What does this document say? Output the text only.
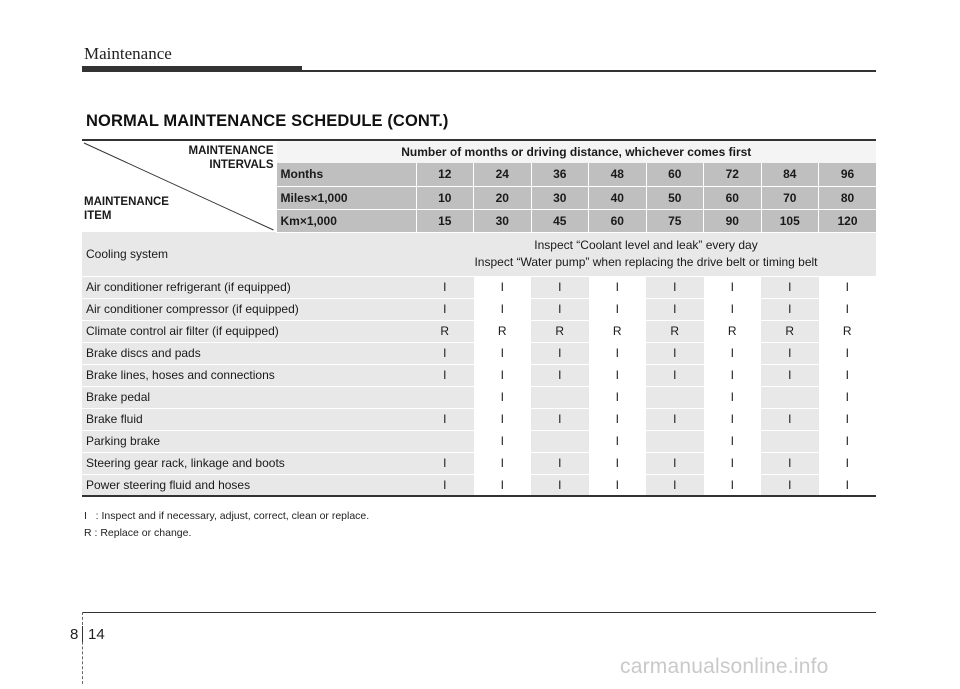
Maintenance
NORMAL MAINTENANCE SCHEDULE (CONT.)
MAINTENANCE
INTERVALS
MAINTENANCE
ITEM	Number of months or driving distance, whichever comes first								
	Months	12	24	36	48	60	72	84	96
	Miles×1,000	10	20	30	40	50	60	70	80
	Km×1,000	15	30	45	60	75	90	105	120
Cooling system		Inspect “Coolant level and leak” every day
Inspect “Water pump” when replacing the drive belt or timing belt							
Air conditioner refrigerant (if equipped)		I	I	I	I	I	I	I	I
Air conditioner compressor (if equipped)		I	I	I	I	I	I	I	I
Climate control air filter (if equipped)		R	R	R	R	R	R	R	R
Brake discs and pads		I	I	I	I	I	I	I	I
Brake lines, hoses and connections		I	I	I	I	I	I	I	I
Brake pedal			I		I		I		I
Brake fluid		I	I	I	I	I	I	I	I
Parking brake			I		I		I		I
Steering gear rack, linkage and boots		I	I	I	I	I	I	I	I
Power steering fluid and hoses		I	I	I	I	I	I	I	I
I   : Inspect and if necessary, adjust, correct, clean or replace.
R : Replace or change.
8 14
carmanualsonline.info
